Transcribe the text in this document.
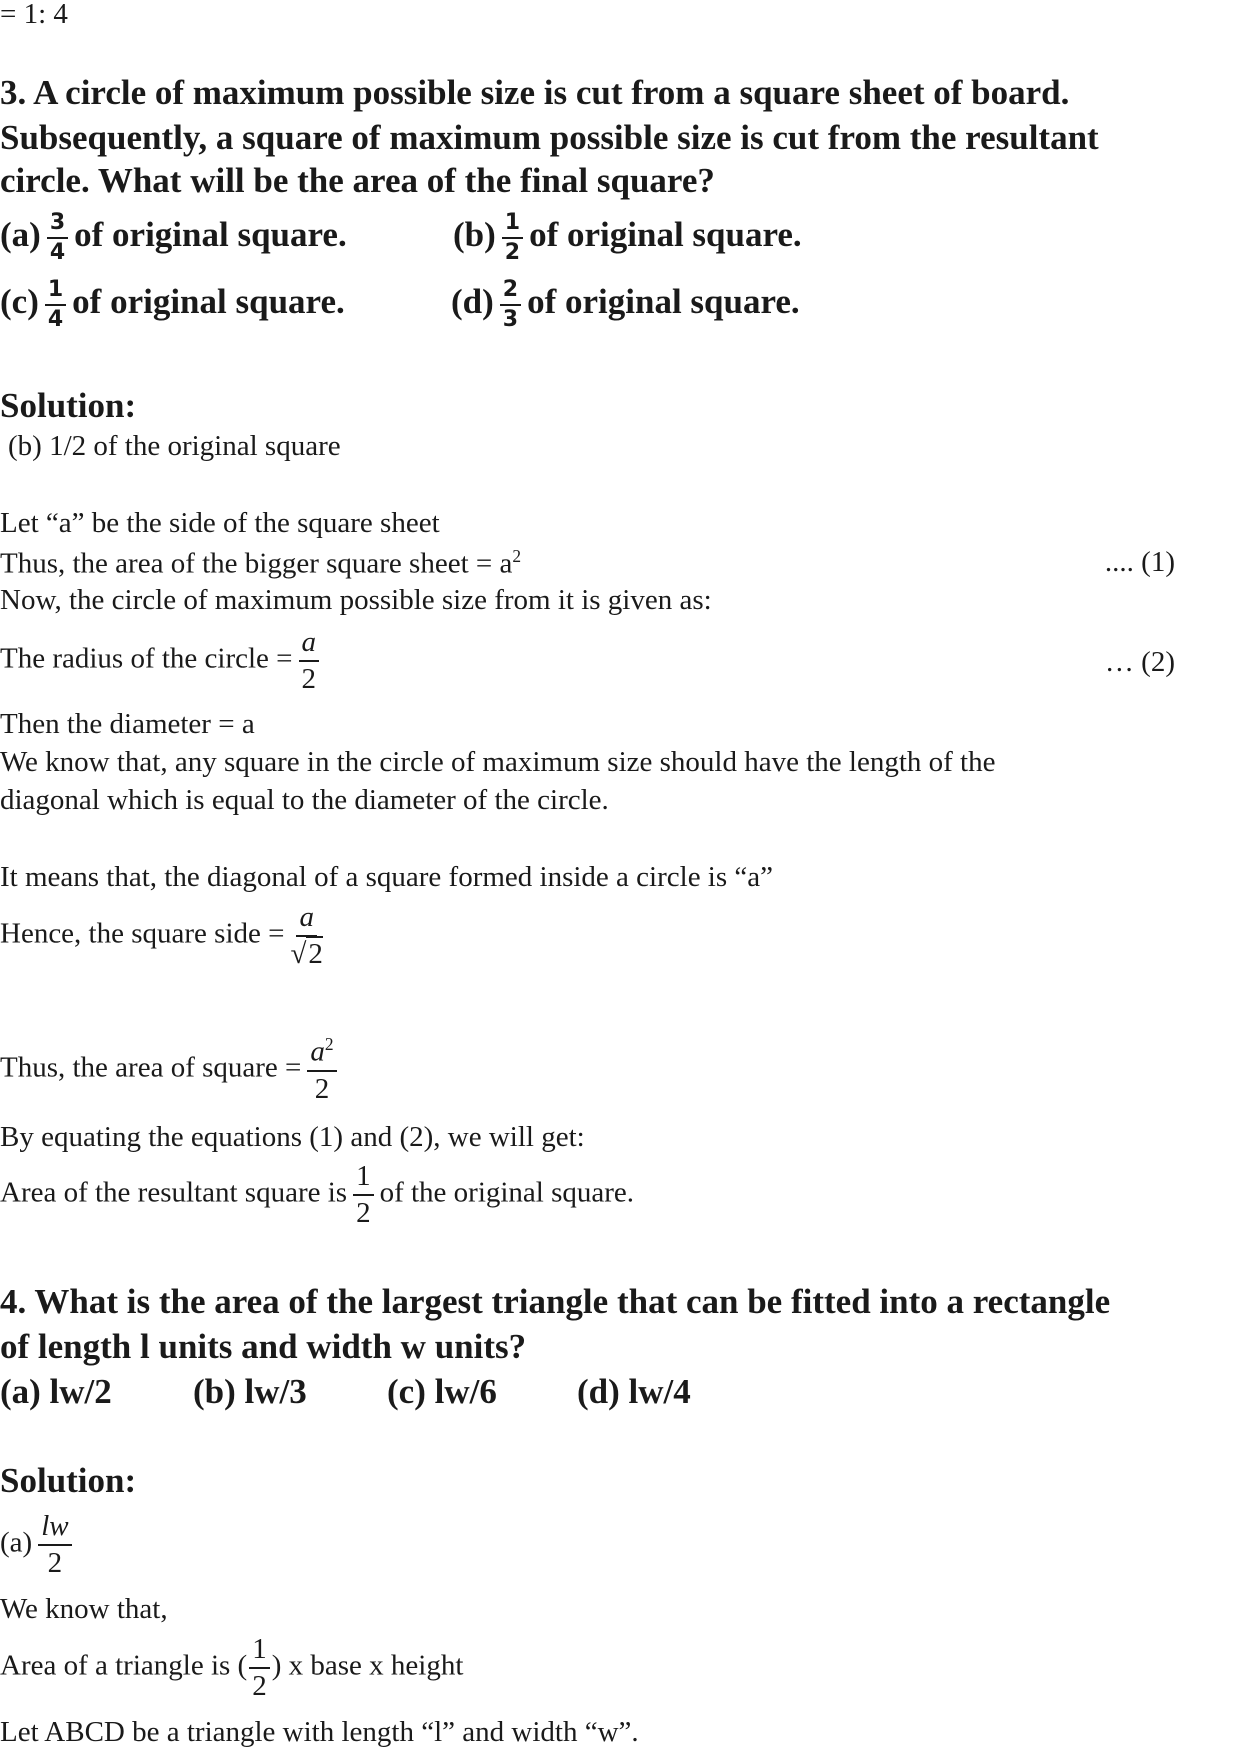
= 1: 4
3. A circle of maximum possible size is cut from a square sheet of board.
Subsequently, a square of maximum possible size is cut from the resultant
circle. What will be the area of the final square?
$(a) \frac{3}{4}$ of original square.	$(b) \frac{1}{2}$ of original square.
$(c) \frac{1}{4}$ of original square.	$(d) \frac{2}{3}$ of original square.
Solution:
(b) 1/2 of the original square
Let “a” be the side of the square sheet
Thus, the area of the bigger square sheet = $a^2$	.... (1)
Now, the circle of maximum possible size from it is given as:
The radius of the circle = $\frac{a}{2}$	… (2)
Then the diameter = a
We know that, any square in the circle of maximum size should have the length of the
diagonal which is equal to the diameter of the circle.
It means that, the diagonal of a square formed inside a circle is “a”
Hence, the square side = $\frac{a}{√2}$
Thus, the area of square = $\frac{a^2}{2}$
By equating the equations (1) and (2), we will get:
Area of the resultant square is $\frac{1}{2}$ of the original square.
4. What is the area of the largest triangle that can be fitted into a rectangle
of length l units and width w units?
(a) lw/2 (b) lw/3 (c) lw/6 (d) lw/4
Solution:
$(a) \frac{lw}{2}$
We know that,
Area of a triangle is ( $\frac{1}{2}$ ) x base x height
Let ABCD be a triangle with length “l” and width “w”.
